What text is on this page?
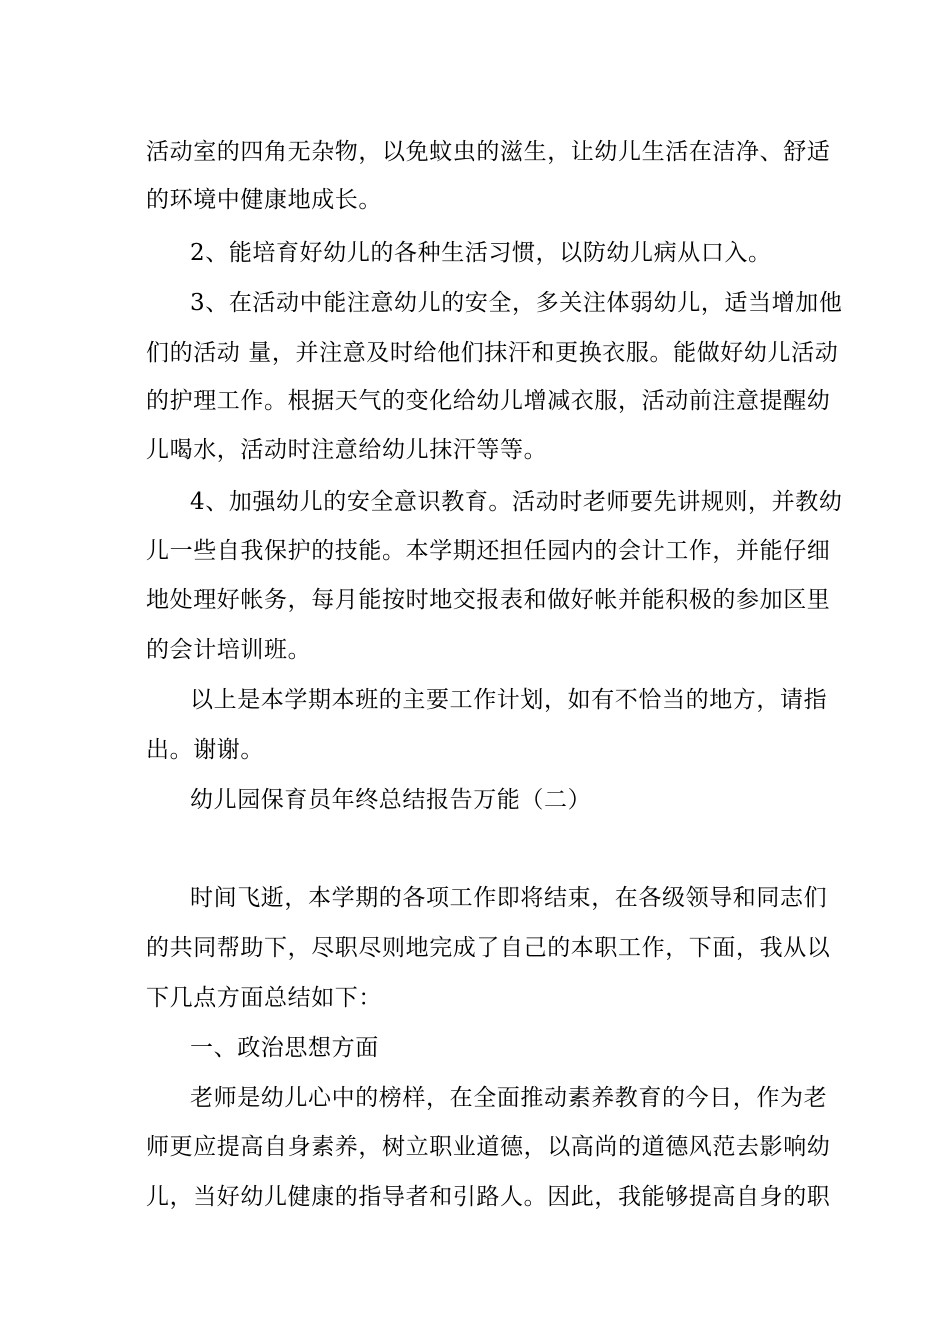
活动室的四角无杂物，以免蚊虫的滋生，让幼儿生活在洁净、舒适
的环境中健康地成长。
2、能培育好幼儿的各种生活习惯，以防幼儿病从口入。
3、在活动中能注意幼儿的安全，多关注体弱幼儿，适当增加他
们的活动 量，并注意及时给他们抹汗和更换衣服。能做好幼儿活动
的护理工作。根据天气的变化给幼儿增减衣服，活动前注意提醒幼
儿喝水，活动时注意给幼儿抹汗等等。
4、加强幼儿的安全意识教育。活动时老师要先讲规则，并教幼
儿一些自我保护的技能。本学期还担任园内的会计工作，并能仔细
地处理好帐务，每月能按时地交报表和做好帐并能积极的参加区里
的会计培训班。
以上是本学期本班的主要工作计划，如有不恰当的地方，请指
出。谢谢。
幼儿园保育员年终总结报告万能（二）
时间飞逝，本学期的各项工作即将结束，在各级领导和同志们
的共同帮助下，尽职尽则地完成了自己的本职工作，下面，我从以
下几点方面总结如下：
一、政治思想方面
老师是幼儿心中的榜样，在全面推动素养教育的今日，作为老
师更应提高自身素养，树立职业道德，以高尚的道德风范去影响幼
儿，当好幼儿健康的指导者和引路人。因此，我能够提高自身的职
